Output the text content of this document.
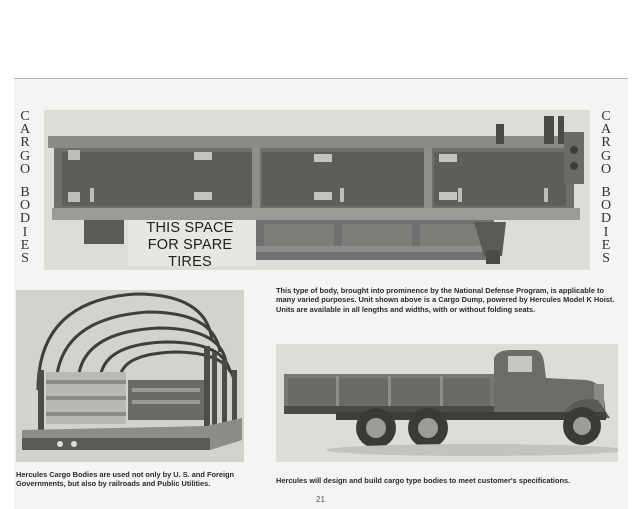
C
A
R
G
O
B
O
D
I
E
S
C
A
R
G
O
B
O
D
I
E
S
THIS SPACE
FOR SPARE TIRES
This type of body, brought into prominence by the National Defense Program, is applicable to many varied purposes. Unit shown above is a Cargo Dump, powered by Hercules Model K Hoist. Units are available in all lengths and widths, with or without folding seats.
Hercules Cargo Bodies are used not only by U. S. and Foreign Governments, but also by railroads and Public Utilities.	Hercules will design and build cargo type bodies to meet customer's specifications.
21
